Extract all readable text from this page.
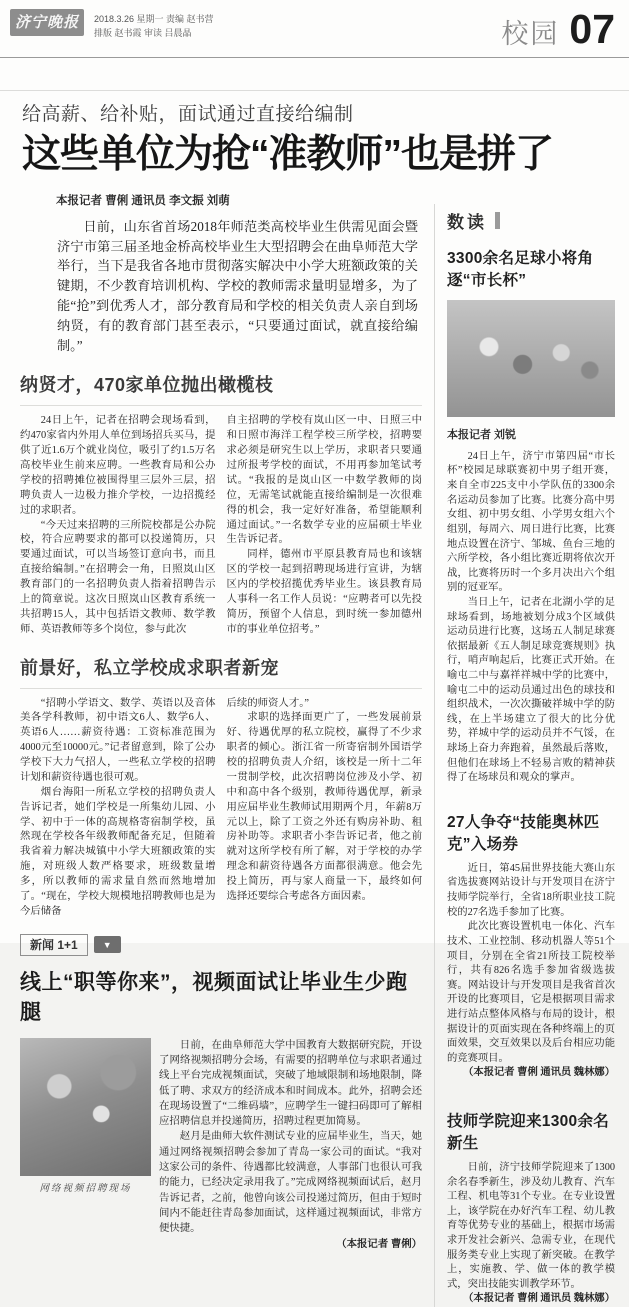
济宁晚报	2018.3.26 星期一 责编 赵书营
排版 赵书霞 审读 吕晨晶	校园 07
给高薪、给补贴，面试通过直接给编制
这些单位为抢“准教师”也是拼了
本报记者 曹俐 通讯员 李文振 刘萌

日前，山东省首场2018年师范类高校毕业生供需见面会暨济宁市第三届圣地金桥高校毕业生大型招聘会在曲阜师范大学举行，当下是我省各地市贯彻落实解决中小学大班额政策的关键期，不少教育培训机构、学校的教师需求量明显增多，为了能“抢”到优秀人才，部分教育局和学校的相关负责人亲自到场纳贤，有的教育部门甚至表示，“只要通过面试，就直接给编制。”

纳贤才，470家单位抛出橄榄枝

24日上午，记者在招聘会现场看到，约470家省内外用人单位到场招兵买马，提供了近1.6万个就业岗位，吸引了约1.5万名高校毕业生前来应聘。一些教育局和公办学校的招聘摊位被围得里三层外三层，招聘负责人一边极力推介学校，一边招揽经过的求职者。

“今天过来招聘的三所院校都是公办院校，符合应聘要求的都可以投递简历，只要通过面试，可以当场签订意向书，而且直接给编制。”在招聘会一角，日照岚山区教育部门的一名招聘负责人指着招聘告示上的简章说。这次日照岚山区教育系统一共招聘15人，其中包括语文教师、数学教师、英语教师等多个岗位，参与此次

自主招聘的学校有岚山区一中、日照三中和日照市海洋工程学校三所学校，招聘要求必须是研究生以上学历，求职者只要通过所报考学校的面试，不用再参加笔试考试。“我报的是岚山区一中数学教师的岗位，无需笔试就能直接给编制是一次很难得的机会，我一定好好准备，希望能顺利通过面试。”一名数学专业的应届硕士毕业生告诉记者。

同样，德州市平原县教育局也和该辖区的学校一起到招聘现场进行宣讲，为辖区内的学校招揽优秀毕业生。该县教育局人事科一名工作人员说：“应聘者可以先投简历，预留个人信息，到时统一参加德州市的事业单位招考。”

前景好，私立学校成求职者新宠

“招聘小学语文、数学、英语以及音体美各学科教师，初中语文6人、数学6人、英语6人……薪资待遇：工资标准范围为4000元至10000元。”记者留意到，除了公办学校下大力气招人，一些私立学校的招聘计划和薪资待遇也很可观。

烟台海阳一所私立学校的招聘负责人告诉记者，她们学校是一所集幼儿园、小学、初中于一体的高规格寄宿制学校，虽然现在学校各年级教师配备充足，但随着我省着力解决城镇中小学大班额政策的实施，对班级人数严格要求，班级数量增多，所以教师的需求量自然而然地增加了。“现在，学校大规模地招聘教师也是为今后储备

后续的师资人才。”

求职的选择面更广了，一些发展前景好、待遇优厚的私立院校，赢得了不少求职者的倾心。浙江省一所寄宿制外国语学校的招聘负责人介绍，该校是一所十二年一贯制学校，此次招聘岗位涉及小学、初中和高中各个级别，教师待遇优厚，新录用应届毕业生教师试用期两个月，年薪8万元以上，除了工资之外还有购房补助、租房补助等。求职者小李告诉记者，他之前就对这所学校有所了解，对于学校的办学理念和薪资待遇各方面都很满意。他会先投上简历，再与家人商量一下，最终如何选择还要综合考虑各方面因素。

新闻 1+1	▼
线上“职等你来”，视频面试让毕业生少跑腿
网络视频招聘现场

日前，在曲阜师范大学中国教育大数据研究院，开设了网络视频招聘分会场，有需要的招聘单位与求职者通过线上平台完成视频面试，突破了地域限制和场地限制，降低了聘、求双方的经济成本和时间成本。此外，招聘会还在现场设置了“二维码墙”，应聘学生一键扫码即可了解相应招聘信息并投递简历，招聘过程更加简易。

赵月是曲师大软件测试专业的应届毕业生，当天，她通过网络视频招聘会参加了青岛一家公司的面试。“我对这家公司的条件、待遇都比较满意，人事部门也很认可我的能力，已经决定录用我了。”完成网络视频面试后，赵月告诉记者，之前，他曾向该公司投递过简历，但由于短时间内不能赶往青岛参加面试，这样通过视频面试，非常方便快捷。

（本报记者 曹俐）

数读
3300余名足球小将角逐“市长杯”
本报记者 刘锐

24日上午，济宁市第四届“市长杯”校园足球联赛初中男子组开赛，来自全市225支中小学队伍的3300余名运动员参加了比赛。比赛分高中男女组、初中男女组、小学男女组六个组别，每周六、周日进行比赛，比赛地点设置在济宁、邹城、鱼台三地的六所学校，各小组比赛近期将依次开战，比赛将历时一个多月决出六个组别的冠亚军。

当日上午，记者在北湖小学的足球场看到，场地被划分成3个区域供运动员进行比赛，这场五人制足球赛依据最新《五人制足球竞赛规则》执行，哨声响起后，比赛正式开始。在喻屯二中与嘉祥祥城中学的比赛中，喻屯二中的运动员通过出色的球技和组织战术，一次次撕破祥城中学的防线，在上半场建立了很大的比分优势，祥城中学的运动员并不气馁，在球场上奋力奔跑着，虽然最后落败，但他们在球场上不轻易言败的精神获得了在场球员和观众的掌声。

27人争夺“技能奥林匹克”入场券

近日，第45届世界技能大赛山东省选拔赛网站设计与开发项目在济宁技师学院举行，全省18所职业技工院校的27名选手参加了比赛。

此次比赛设置机电一体化、汽车技术、工业控制、移动机器人等51个项目，分别在全省21所技工院校举行，共有826名选手参加省级选拔赛。网站设计与开发项目是我省首次开设的比赛项目，它是根据项目需求进行站点整体风格与布局的设计，根据设计的页面实现在各种终端上的页面效果，交互效果以及后台相应功能的竞赛项目。

（本报记者 曹俐 通讯员 魏林娜）

技师学院迎来1300余名新生

日前，济宁技师学院迎来了1300余名春季新生，涉及幼儿教育、汽车工程、机电等31个专业。在专业设置上，该学院在办好汽车工程、幼儿教育等优势专业的基础上，根据市场需求开发社会新兴、急需专业，在现代服务类专业上实现了新突破。在教学上，实施教、学、做一体的教学模式，突出技能实训教学环节。

（本报记者 曹俐 通讯员 魏林娜）
